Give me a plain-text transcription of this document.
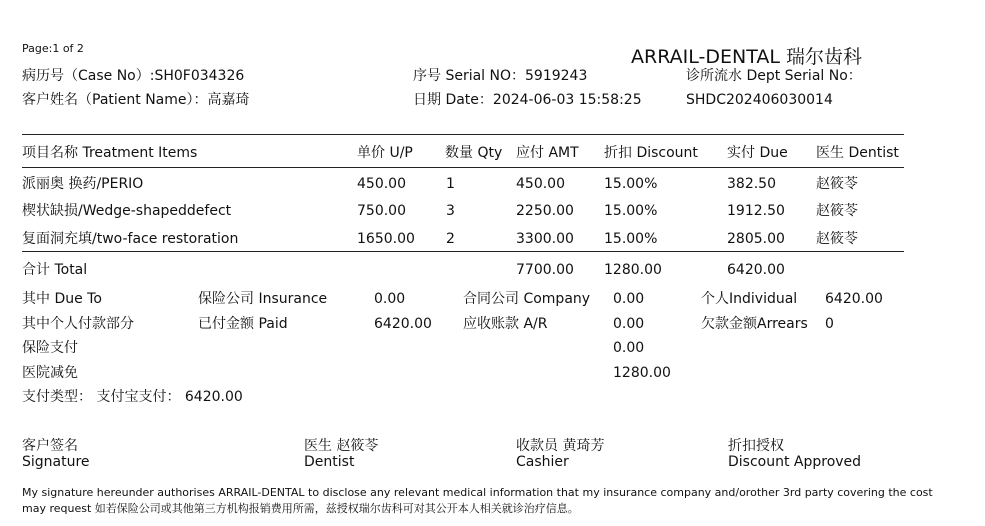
Page:1 of 2	ARRAIL-DENTAL 瑞尔齿科
病历号（Case No）:SH0F034326
客户姓名（Patient Name）：高嘉琦
序号 Serial NO：5919243
日期 Date：2024-06-03 15:58:25
诊所流水 Dept Serial No：
SHDC202406030014
项目名称 Treatment Items	单价 U/P 数量 Qty 应付 AMT 折扣 Discount 实付 Due 医生 Dentist
派丽奥 换药/PERIO	450.00	1	450.00	15.00%	382.50	赵筱苓
楔状缺损/Wedge-shapeddefect	750.00	3	2250.00 15.00%	1912.50 赵筱苓
复面洞充填/two-face restoration	1650.00 2	3300.00 15.00%	2805.00 赵筱苓
合计 Total	7700.00 1280.00	6420.00
其中 Due To	保险公司 Insurance	0.00	合同公司 Company 0.00	个人Individual 6420.00
其中个人付款部分	已付金额 Paid	6420.00 应收账款 A/R	0.00	欠款金额Arrears 0
保险支付	0.00
医院减免	1280.00
支付类型： 支付宝支付： 6420.00
客户签名
Signature
医生 赵筱苓
Dentist
收款员 黄琦芳
Cashier
折扣授权
Discount Approved
My signature hereunder authorises ARRAIL-DENTAL to disclose any relevant medical information that my insurance company and/orother 3rd party covering the cost
may request 如若保险公司或其他第三方机构报销费用所需，兹授权瑞尔齿科可对其公开本人相关就诊治疗信息。
